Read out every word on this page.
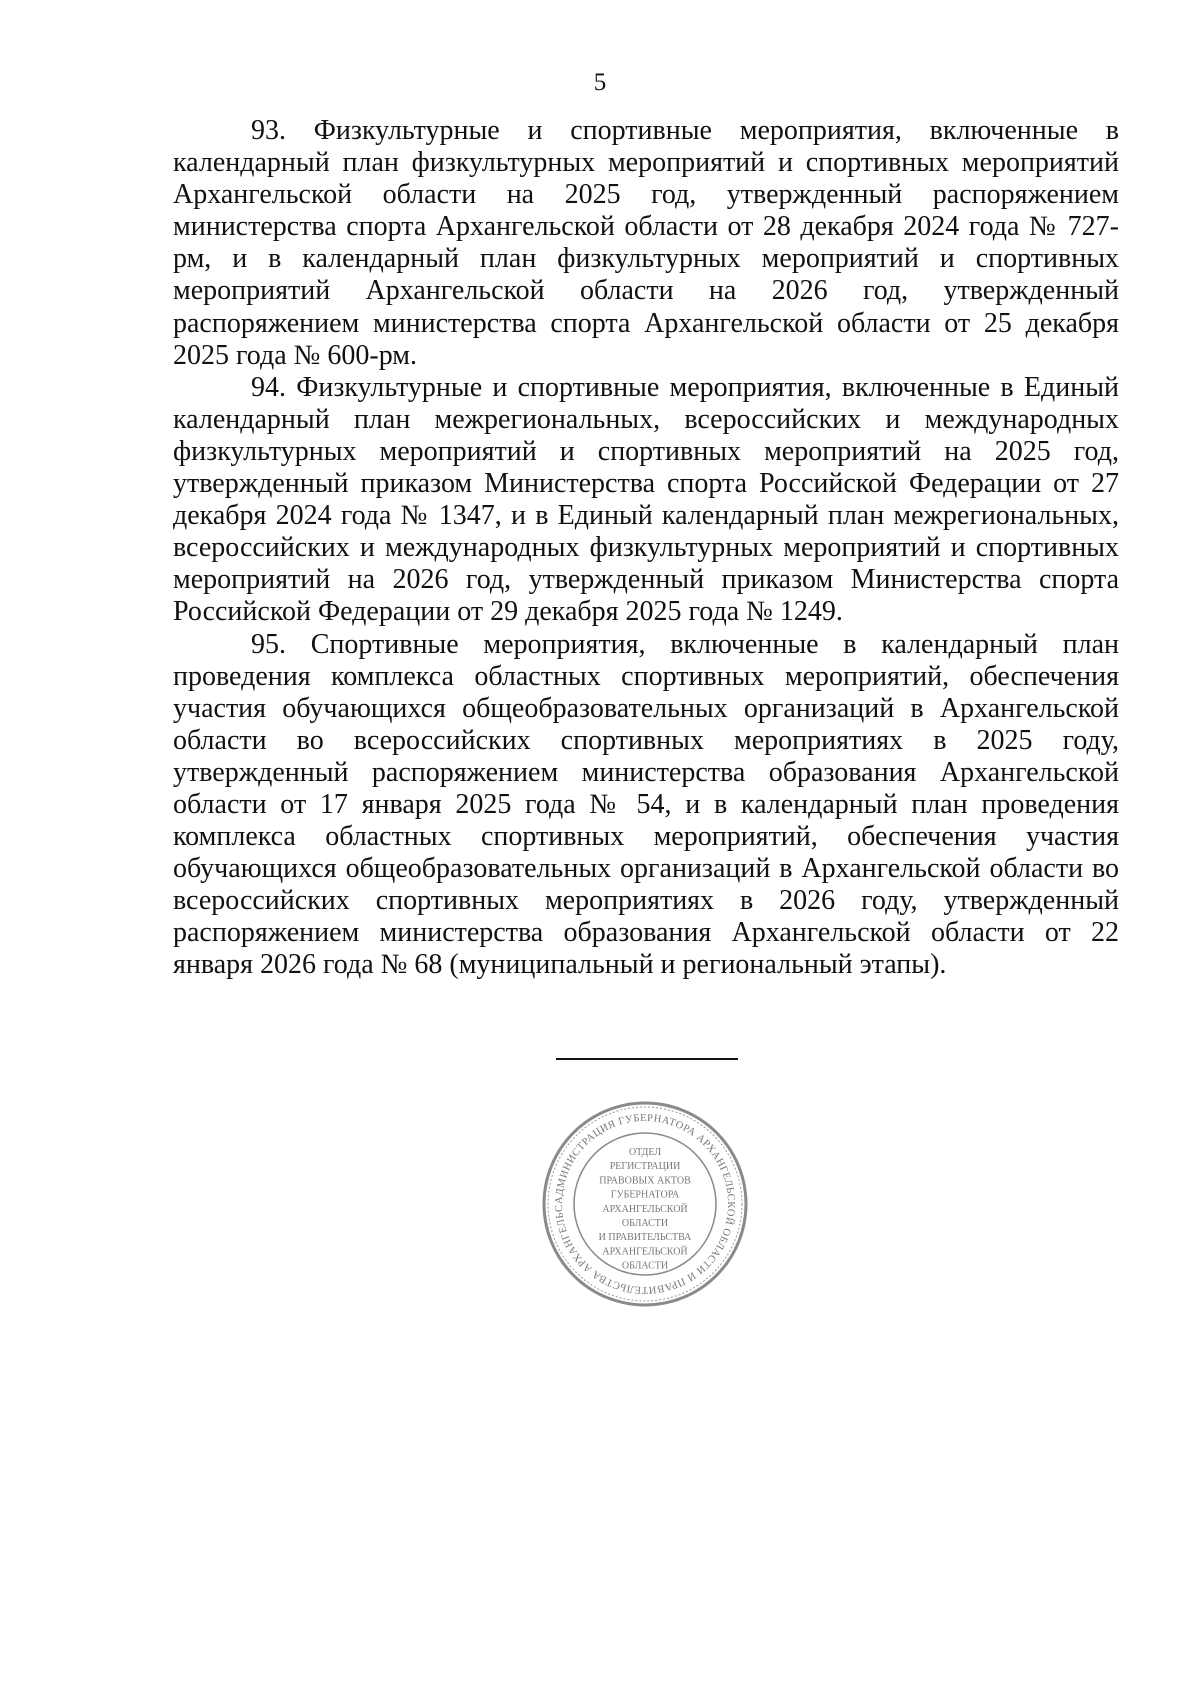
5

93. Физкультурные и спортивные мероприятия, включенные в календарный план физкультурных мероприятий и спортивных мероприятий Архангельской области на 2025 год, утвержденный распоряжением министерства спорта Архангельской области от 28 декабря 2024 года № 727-рм, и в календарный план физкультурных мероприятий и спортивных мероприятий Архангельской области на 2026 год, утвержденный распоряжением министерства спорта Архангельской области от 25 декабря 2025 года № 600-рм.

94. Физкультурные и спортивные мероприятия, включенные в Единый календарный план межрегиональных, всероссийских и международных физкультурных мероприятий и спортивных мероприятий на 2025 год, утвержденный приказом Министерства спорта Российской Федерации от 27 декабря 2024 года № 1347, и в Единый календарный план межрегиональных, всероссийских и международных физкультурных мероприятий и спортивных мероприятий на 2026 год, утвержденный приказом Министерства спорта Российской Федерации от 29 декабря 2025 года № 1249.

95. Спортивные мероприятия, включенные в календарный план проведения комплекса областных спортивных мероприятий, обеспечения участия обучающихся общеобразовательных организаций в Архангельской области во всероссийских спортивных мероприятиях в 2025 году, утвержденный распоряжением министерства образования Архангельской области от 17 января 2025 года № 54, и в календарный план проведения комплекса областных спортивных мероприятий, обеспечения участия обучающихся общеобразовательных организаций в Архангельской области во всероссийских спортивных мероприятиях в 2026 году, утвержденный распоряжением министерства образования Архангельской области от 22 января 2026 года № 68 (муниципальный и региональный этапы).

АДМИНИСТРАЦИЯ ГУБЕРНАТОРА АРХАНГЕЛЬСКОЙ ОБЛАСТИ И ПРАВИТЕЛЬСТВА АРХАНГЕЛЬС
ОТДЕЛ
РЕГИСТРАЦИИ
ПРАВОВЫХ АКТОВ
ГУБЕРНАТОРА
АРХАНГЕЛЬСКОЙ
ОБЛАСТИ
И ПРАВИТЕЛЬСТВА
АРХАНГЕЛЬСКОЙ
ОБЛАСТИ
